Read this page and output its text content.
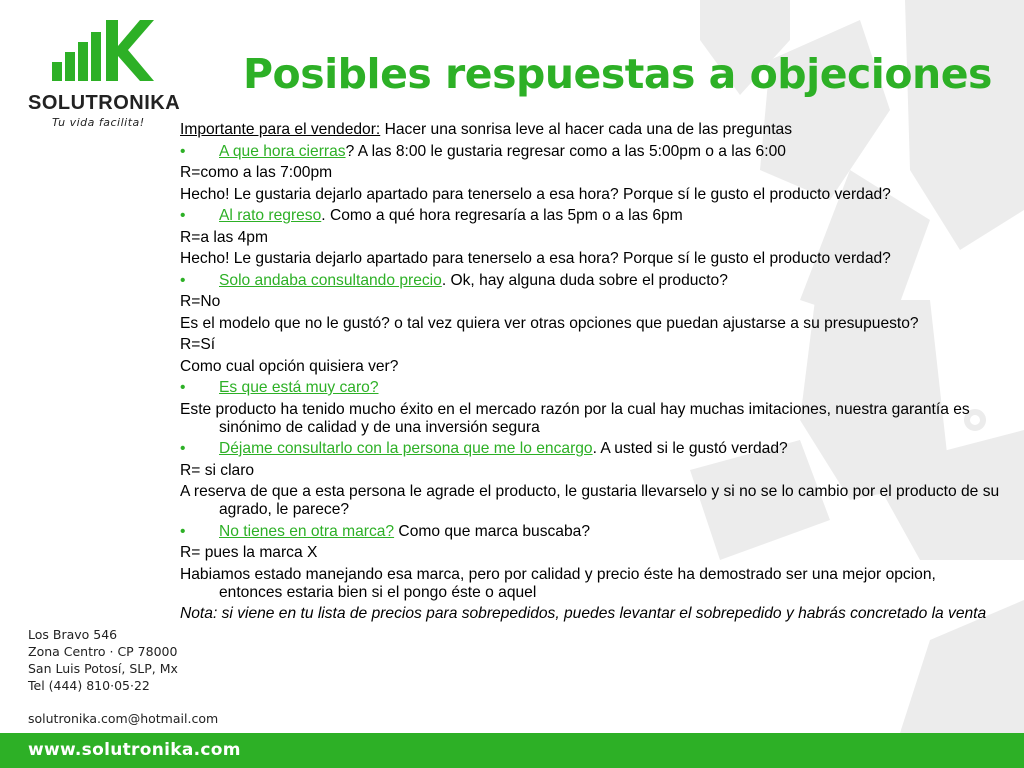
SOLUTRONIKA
Tu vida facilita!
Posibles respuestas a objeciones
Importante para el vendedor: Hacer una sonrisa leve al hacer cada una de las preguntas
•	A que hora cierras? A las 8:00 le gustaria regresar como a las 5:00pm o a las 6:00
R=como a las 7:00pm
Hecho! Le gustaria dejarlo apartado para tenerselo a esa hora? Porque sí le gusto el producto verdad?
•	Al rato regreso. Como a qué hora regresaría a las 5pm o a las 6pm
R=a las 4pm
Hecho! Le gustaria dejarlo apartado para tenerselo a esa hora? Porque sí le gusto el producto verdad?
•	Solo andaba consultando precio. Ok, hay alguna duda sobre el producto?
R=No
Es el modelo que no le gustó? o tal vez quiera ver otras opciones que puedan ajustarse a su presupuesto?
R=Sí
Como cual opción quisiera ver?
•	Es que está muy caro?
Este producto ha tenido mucho éxito en el mercado razón por la cual hay muchas imitaciones, nuestra garantía es sinónimo de calidad y de una inversión segura
•	Déjame consultarlo con la persona que me lo encargo. A usted si le gustó verdad?
R= si claro
A reserva de que a esta persona le agrade el producto, le gustaria llevarselo y si no se lo cambio por el producto de su agrado, le parece?
•	No tienes en otra marca? Como que marca buscaba?
R= pues la marca X
Habiamos estado manejando esa marca, pero por calidad y precio éste ha demostrado ser una mejor opcion, entonces estaria bien si el pongo éste o aquel
Nota: si viene en tu lista de precios para sobrepedidos, puedes levantar el sobrepedido y habrás concretado la venta
Los Bravo 546
Zona Centro · CP 78000
San Luis Potosí, SLP, Mx
Tel (444) 810·05·22
solutronika.com@hotmail.com
www.solutronika.com
